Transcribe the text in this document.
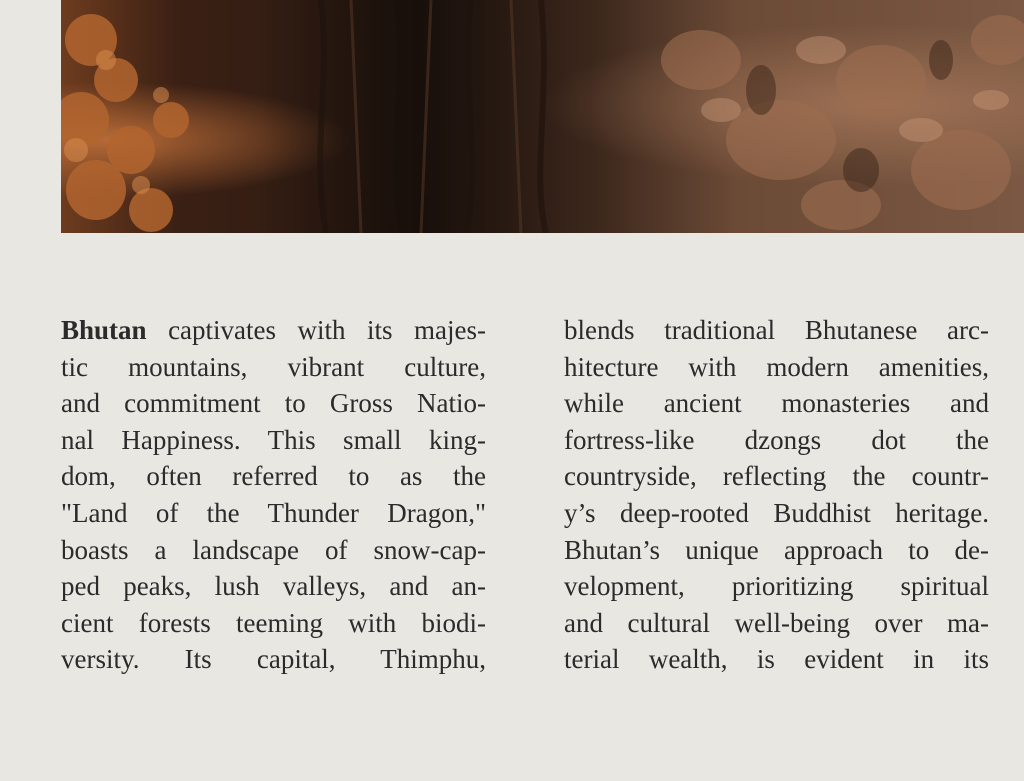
Bhutan captivates with its majes-
tic mountains, vibrant culture,
and commitment to Gross Natio-
nal Happiness. This small king-
dom, often referred to as the
"Land of the Thunder Dragon,"
boasts a landscape of snow-cap-
ped peaks, lush valleys, and an-
cient forests teeming with biodi-
versity. Its capital, Thimphu,
blends traditional Bhutanese arc-
hitecture with modern amenities,
while ancient monasteries and
fortress-like dzongs dot the
countryside, reflecting the countr-
y’s deep-rooted Buddhist heritage.
Bhutan’s unique approach to de-
velopment, prioritizing spiritual
and cultural well-being over ma-
terial wealth, is evident in its
